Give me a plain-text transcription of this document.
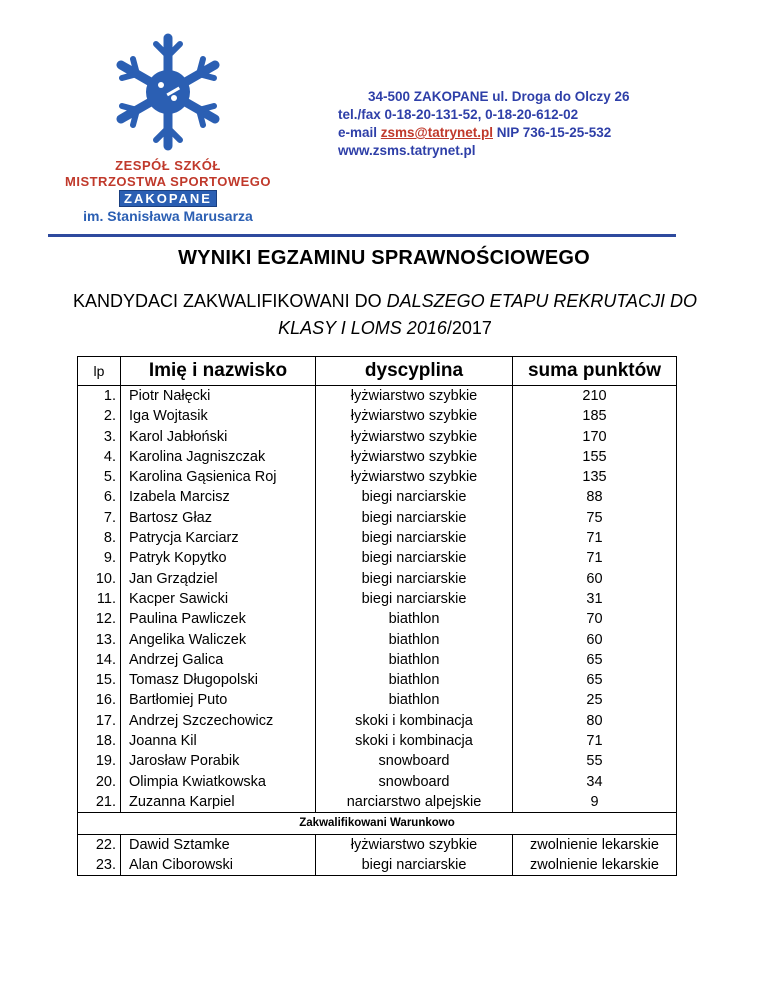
ZESPÓŁ SZKÓŁ
MISTRZOSTWA SPORTOWEGO
ZAKOPANE
im. Stanisława Marusarza
34-500 ZAKOPANE ul. Droga do Olczy 26
tel./fax 0-18-20-131-52, 0-18-20-612-02
e-mail zsms@tatrynet.pl NIP 736-15-25-532
www.zsms.tatrynet.pl
WYNIKI EGZAMINU SPRAWNOŚCIOWEGO
KANDYDACI ZAKWALIFIKOWANI DO DALSZEGO ETAPU REKRUTACJI DO KLASY I LOMS 2016/2017
lp	Imię i nazwisko	dyscyplina	suma punktów
1.	Piotr Nałęcki	łyżwiarstwo szybkie	210
2.	Iga Wojtasik	łyżwiarstwo szybkie	185
3.	Karol Jabłoński	łyżwiarstwo szybkie	170
4.	Karolina Jagniszczak	łyżwiarstwo szybkie	155
5.	Karolina Gąsienica Roj	łyżwiarstwo szybkie	135
6.	Izabela Marcisz	biegi narciarskie	88
7.	Bartosz Głaz	biegi narciarskie	75
8.	Patrycja Karciarz	biegi narciarskie	71
9.	Patryk Kopytko	biegi narciarskie	71
10.	Jan Grządziel	biegi narciarskie	60
11.	Kacper Sawicki	biegi narciarskie	31
12.	Paulina Pawliczek	biathlon	70
13.	Angelika Waliczek	biathlon	60
14.	Andrzej Galica	biathlon	65
15.	Tomasz Długopolski	biathlon	65
16.	Bartłomiej Puto	biathlon	25
17.	Andrzej Szczechowicz	skoki i kombinacja	80
18.	Joanna Kil	skoki i kombinacja	71
19.	Jarosław Porabik	snowboard	55
20.	Olimpia Kwiatkowska	snowboard	34
21.	Zuzanna Karpiel	narciarstwo alpejskie	9
Zakwalifikowani Warunkowo			
22.	Dawid Sztamke	łyżwiarstwo szybkie	zwolnienie lekarskie
23.	Alan Ciborowski	biegi narciarskie	zwolnienie lekarskie
